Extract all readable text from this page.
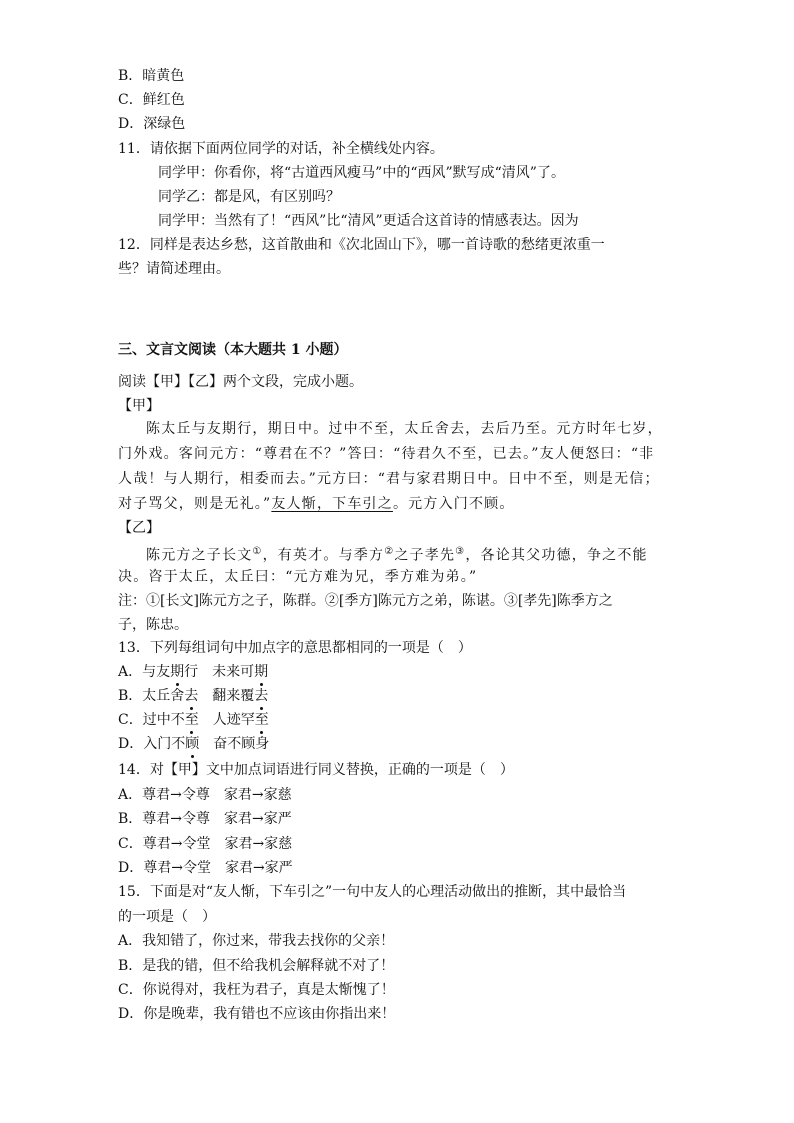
B．暗黄色
C．鲜红色
D．深绿色
11．请依据下面两位同学的对话，补全横线处内容。
同学甲：你看你，将“古道西风瘦马”中的“西风”默写成“清风”了。
同学乙：都是风，有区别吗？
同学甲：当然有了！“西风”比“清风”更适合这首诗的情感表达。因为
12．同样是表达乡愁，这首散曲和《次北固山下》，哪一首诗歌的愁绪更浓重一
些？请简述理由。
三、文言文阅读（本大题共 1 小题）
阅读【甲】【乙】两个文段，完成小题。
【甲】
陈太丘与友期行，期日中。过中不至，太丘舍去，去后乃至。元方时年七岁，
门外戏。客问元方：“尊君在不？”答曰：“待君久不至，已去。”友人便怒曰：“非
人哉！与人期行，相委而去。”元方曰：“君与家君期日中。日中不至，则是无信；
对子骂父，则是无礼。”友人惭，下车引之。元方入门不顾。
【乙】
陈元方之子长文①，有英才。与季方②之子孝先③，各论其父功德，争之不能
决。咨于太丘，太丘曰：“元方难为兄，季方难为弟。”
注：①[长文]陈元方之子，陈群。②[季方]陈元方之弟，陈谌。③[孝先]陈季方之
子，陈忠。
13．下列每组词句中加点字的意思都相同的一项是（　）
A．与友期行　未来可期
B．太丘舍去　翻来覆去
C．过中不至　人迹罕至
D．入门不顾　奋不顾身
14．对【甲】文中加点词语进行同义替换，正确的一项是（　）
A．尊君→令尊　家君→家慈
B．尊君→令尊　家君→家严
C．尊君→令堂　家君→家慈
D．尊君→令堂　家君→家严
15．下面是对“友人惭，下车引之”一句中友人的心理活动做出的推断，其中最恰当
的一项是（　）
A．我知错了，你过来，带我去找你的父亲！
B．是我的错，但不给我机会解释就不对了！
C．你说得对，我枉为君子，真是太惭愧了！
D．你是晚辈，我有错也不应该由你指出来！
